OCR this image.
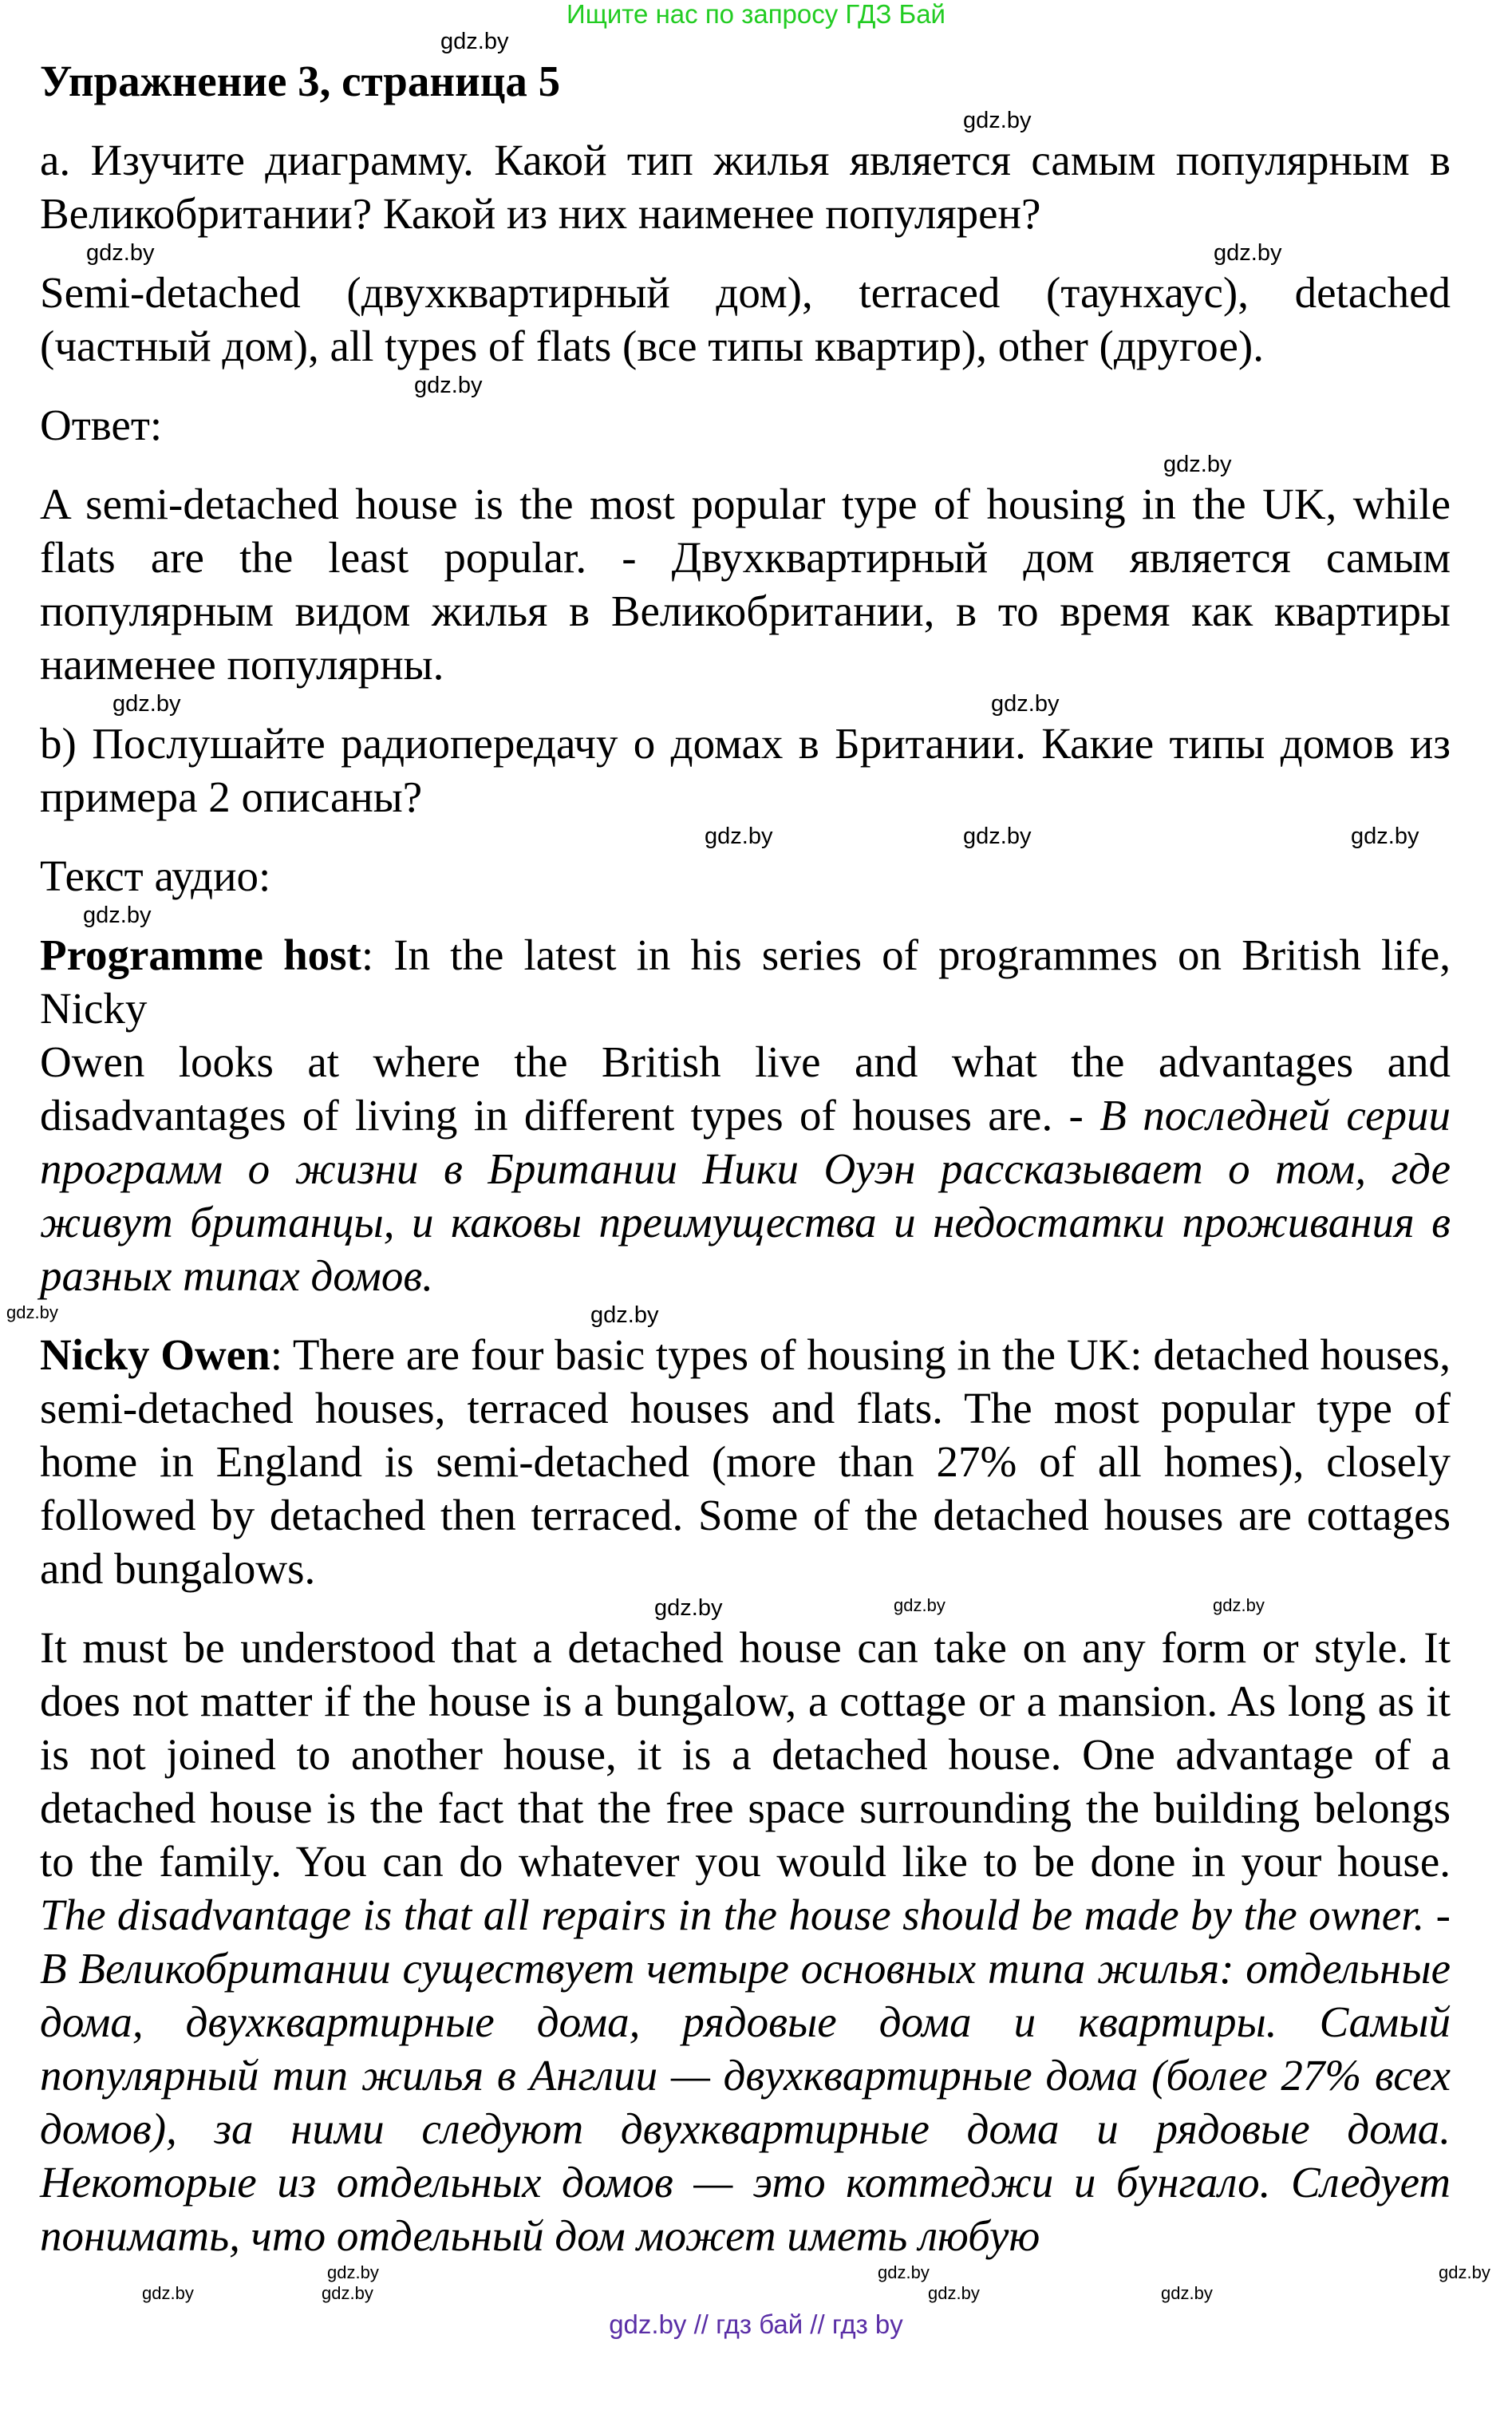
Ищите нас по запросу ГДЗ Бай
gdz.by
Упражнение 3, страница 5
gdz.by
a. Изучите диаграмму. Какой тип жилья является самым популярным в Великобритании? Какой из них наименее популярен?
gdz.by	gdz.by
Semi-detached (двухквартирный дом), terraced (таунхаус), detached (частный дом), all types of flats (все типы квартир), other (другое).
gdz.by
Ответ:
gdz.by
A semi-detached house is the most popular type of housing in the UK, while flats are the least popular. - Двухквартирный дом является самым популярным видом жилья в Великобритании, в то время как квартиры наименее популярны.
gdz.by	gdz.by
b) Послушайте радиопередачу о домах в Британии. Какие типы домов из примера 2 описаны?
gdz.by	gdz.by	gdz.by
Текст аудио:
gdz.by
Programme host: In the latest in his series of programmes on British life, Nicky
Owen looks at where the British live and what the advantages and disadvantages of living in different types of houses are. - В последней серии программ о жизни в Британии Ники Оуэн рассказывает о том, где живут британцы, и каковы преимущества и недостатки проживания в разных типах домов.
gdz.by	gdz.by
Nicky Owen: There are four basic types of housing in the UK: detached houses, semi-detached houses, terraced houses and flats. The most popular type of home in England is semi-detached (more than 27% of all homes), closely followed by detached then terraced. Some of the detached houses are cottages and bungalows.
gdz.by	gdz.by	gdz.by
It must be understood that a detached house can take on any form or style. It does not matter if the house is a bungalow, a cottage or a mansion. As long as it is not joined to another house, it is a detached house. One advantage of a detached house is the fact that the free space surrounding the building belongs to the family. You can do whatever you would like to be done in your house. The disadvantage is that all repairs in the house should be made by the owner. - В Великобритании существует четыре основных типа жилья: отдельные дома, двухквартирные дома, рядовые дома и квартиры. Самый популярный тип жилья в Англии — двухквартирные дома (более 27% всех домов), за ними следуют двухквартирные дома и рядовые дома. Некоторые из отдельных домов — это коттеджи и бунгало. Следует понимать, что отдельный дом может иметь любую
gdz.by	gdz.by	gdz.by
gdz.by	gdz.by	gdz.by	gdz.by
gdz.by // гдз бай // гдз by
